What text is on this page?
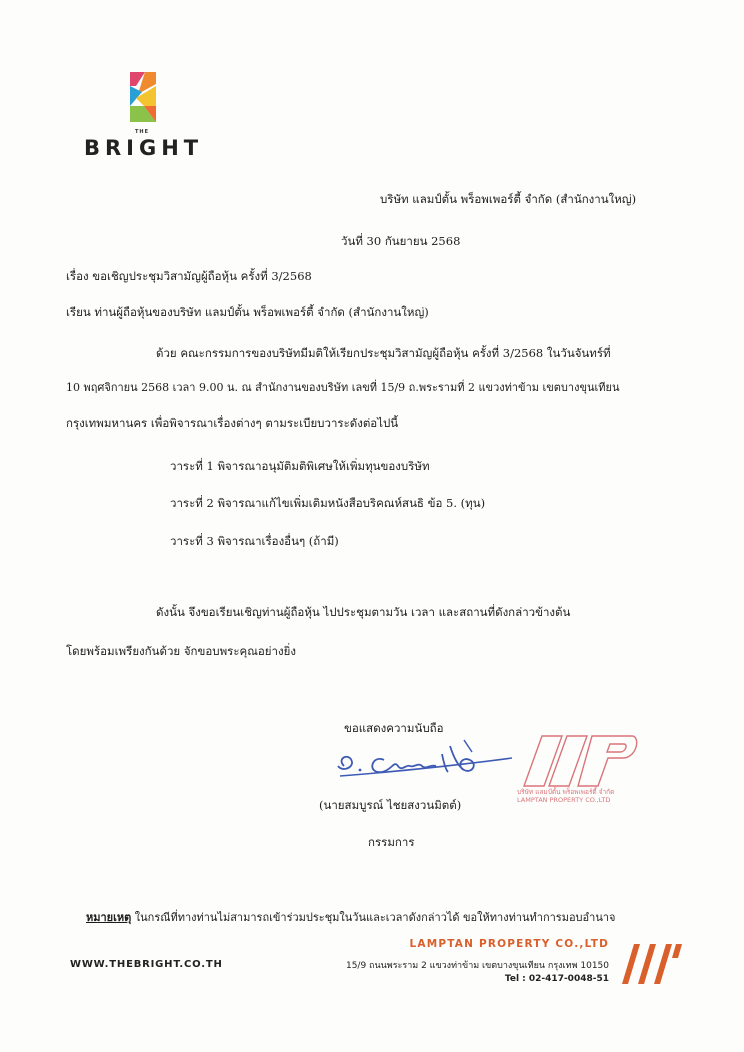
THE
BRIGHT
บริษัท แลมป์ตั้น พร็อพเพอร์ตี้ จำกัด (สำนักงานใหญ่)
วันที่ 30 กันยายน 2568
เรื่อง ขอเชิญประชุมวิสามัญผู้ถือหุ้น ครั้งที่ 3/2568
เรียน ท่านผู้ถือหุ้นของบริษัท แลมป์ตั้น พร็อพเพอร์ตี้ จำกัด (สำนักงานใหญ่)
ด้วย คณะกรรมการของบริษัทมีมติให้เรียกประชุมวิสามัญผู้ถือหุ้น ครั้งที่ 3/2568 ในวันจันทร์ที่
10 พฤศจิกายน 2568 เวลา 9.00 น. ณ สำนักงานของบริษัท เลขที่ 15/9 ถ.พระรามที่ 2 แขวงท่าข้าม เขตบางขุนเทียน
กรุงเทพมหานคร เพื่อพิจารณาเรื่องต่างๆ ตามระเบียบวาระดังต่อไปนี้
วาระที่ 1 พิจารณาอนุมัติมติพิเศษให้เพิ่มทุนของบริษัท
วาระที่ 2 พิจารณาแก้ไขเพิ่มเติมหนังสือบริคณห์สนธิ ข้อ 5. (ทุน)
วาระที่ 3 พิจารณาเรื่องอื่นๆ (ถ้ามี)
ดังนั้น จึงขอเรียนเชิญท่านผู้ถือหุ้น ไปประชุมตามวัน เวลา และสถานที่ดังกล่าวข้างต้น
โดยพร้อมเพรียงกันด้วย จักขอบพระคุณอย่างยิ่ง
ขอแสดงความนับถือ
บริษัท แลมป์ตั้น พร็อพเพอร์ตี้ จำกัด
LAMPTAN PROPERTY CO.,LTD
(นายสมบูรณ์ ไชยสงวนมิตต์)
กรรมการ
หมายเหตุ ในกรณีที่ทางท่านไม่สามารถเข้าร่วมประชุมในวันและเวลาดังกล่าวได้ ขอให้ทางท่านทำการมอบอำนาจ
WWW.THEBRIGHT.CO.TH
LAMPTAN PROPERTY CO.,LTD
15/9 ถนนพระราม 2 แขวงท่าข้าม เขตบางขุนเทียน กรุงเทพ 10150
Tel : 02-417-0048-51
